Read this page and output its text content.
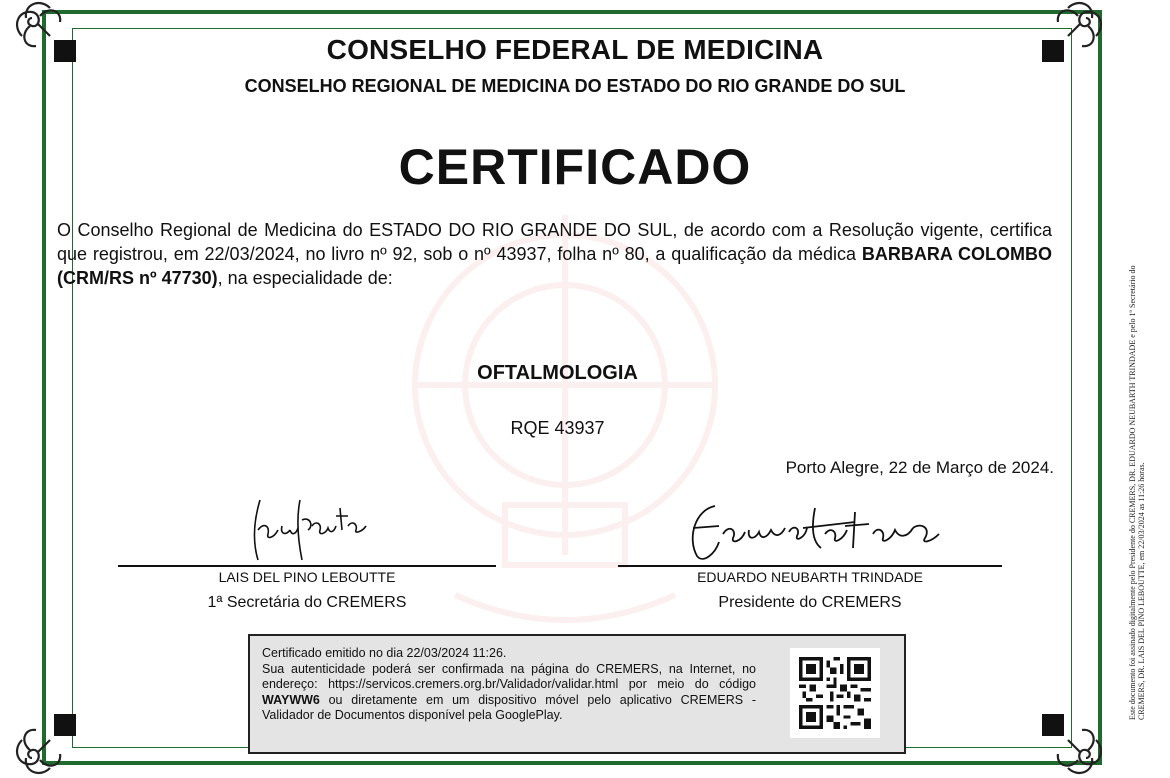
CONSELHO FEDERAL DE MEDICINA
CONSELHO REGIONAL DE MEDICINA DO ESTADO DO RIO GRANDE DO SUL
CERTIFICADO
O Conselho Regional de Medicina do ESTADO DO RIO GRANDE DO SUL, de acordo com a Resolução vigente, certifica que registrou, em 22/03/2024, no livro nº 92, sob o nº 43937, folha nº 80, a qualificação da médica BARBARA COLOMBO (CRM/RS nº 47730), na especialidade de:
OFTALMOLOGIA
RQE 43937
Porto Alegre, 22 de Março de 2024.
LAIS DEL PINO LEBOUTTE	EDUARDO NEUBARTH TRINDADE
1ª Secretária do CREMERS	Presidente do CREMERS

Certificado emitido no dia 22/03/2024 11:26.

Sua autenticidade poderá ser confirmada na página do CREMERS, na Internet, no endereço: https://servicos.cremers.org.br/Validador/validar.html por meio do código WAYWW6 ou diretamente em um dispositivo móvel pelo aplicativo CREMERS - Validador de Documentos disponível pela GooglePlay.	Este documento foi assinado digitalmente pelo Presidente do CREMERS, DR. EDUARDO NEUBARTH TRINDADE e pelo 1º Secretário do CREMERS, DR. LAIS DEL PINO LEBOUTTE, em 22/03/2024 as 11:26 horas.
